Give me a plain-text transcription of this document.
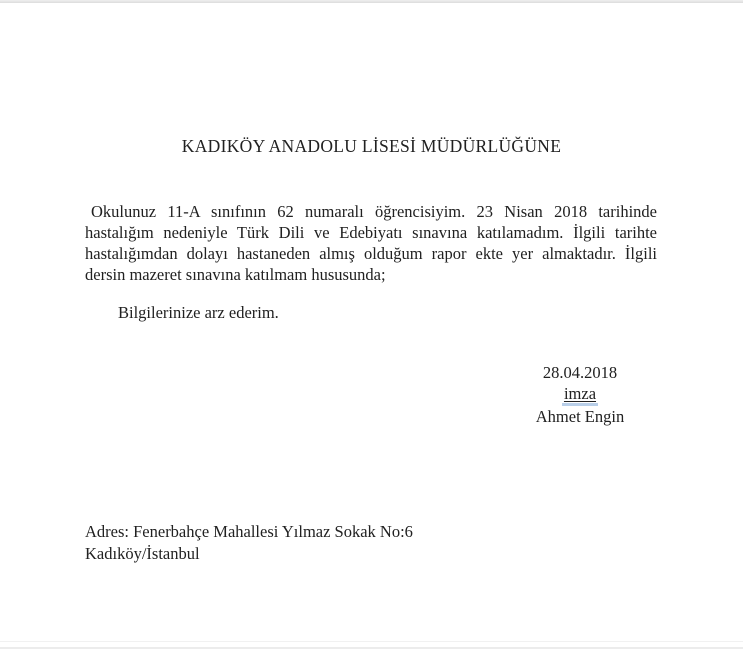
KADIKÖY ANADOLU LİSESİ MÜDÜRLÜĞÜNE
Okulunuz 11-A sınıfının 62 numaralı öğrencisiyim. 23 Nisan 2018 tarihinde
hastalığım nedeniyle Türk Dili ve Edebiyatı sınavına katılamadım. İlgili tarihte
hastalığımdan dolayı hastaneden almış olduğum rapor ekte yer almaktadır. İlgili
dersin mazeret sınavına katılmam hususunda;
Bilgilerinize arz ederim.
28.04.2018
imza
Ahmet Engin
Adres: Fenerbahçe Mahallesi Yılmaz Sokak No:6
Kadıköy/İstanbul
